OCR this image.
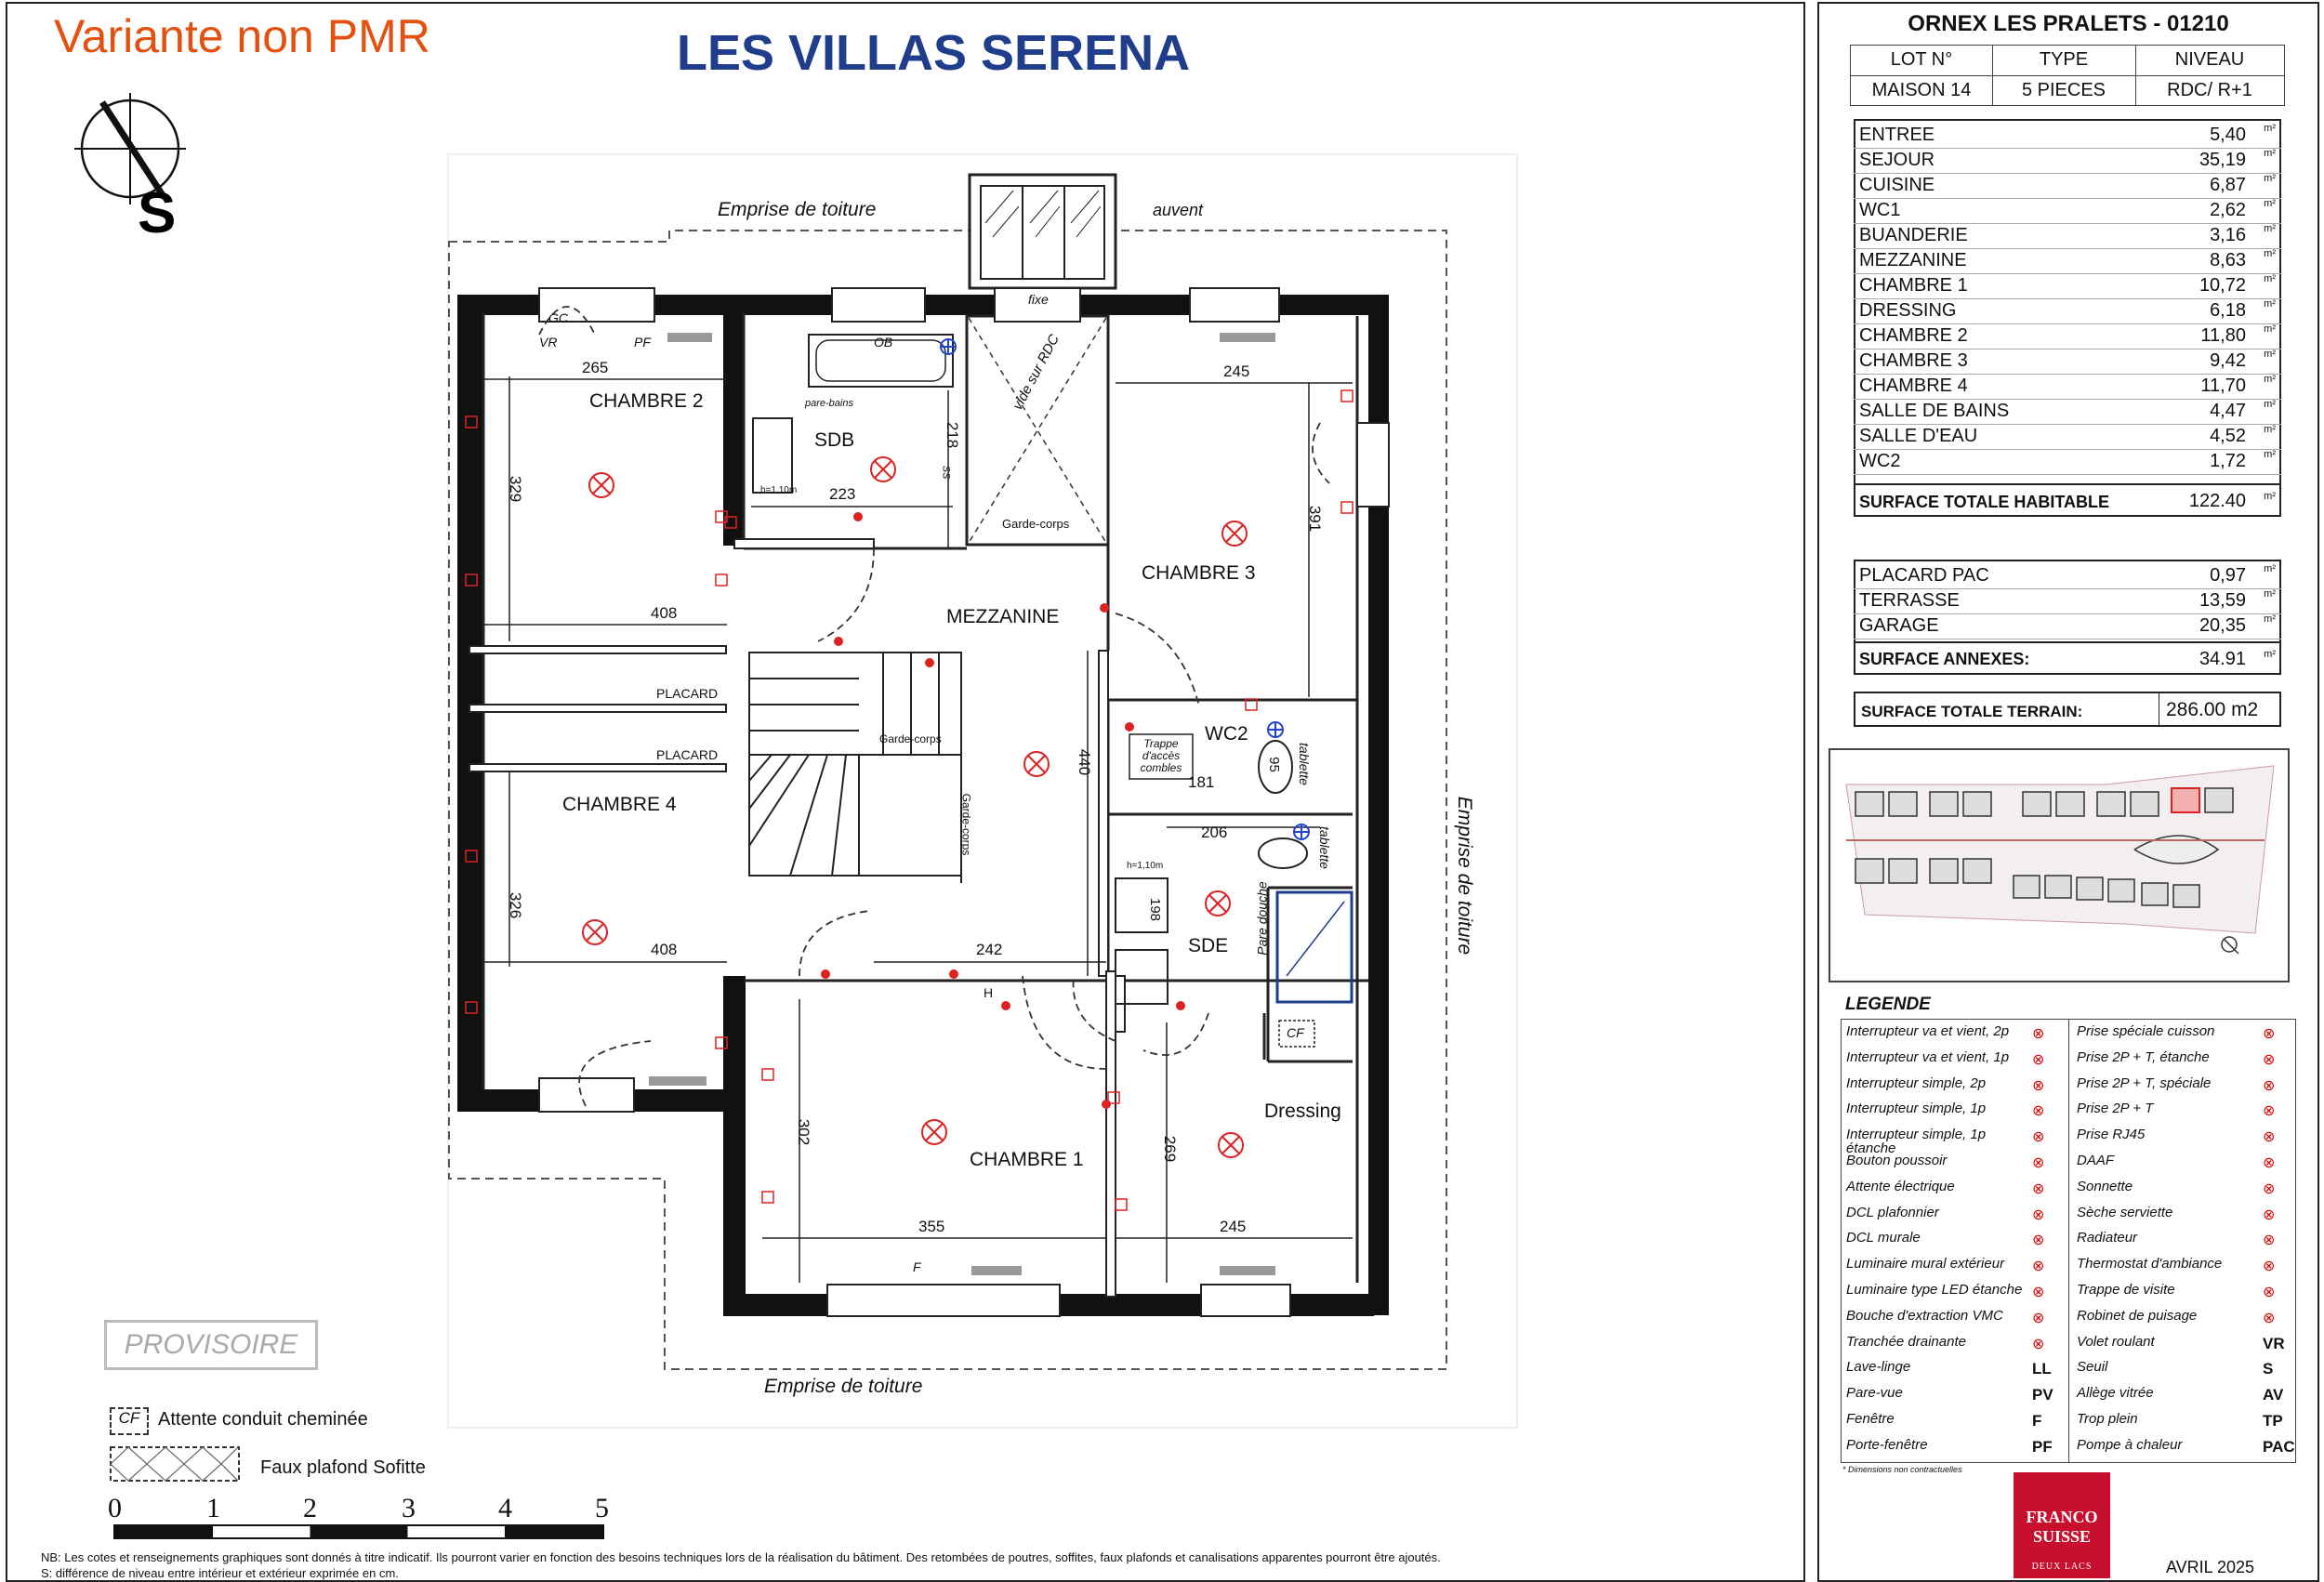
Variante non PMR	LES VILLAS SERENA
S	Emprise de toiture
Emprise de toiture
Emprise de toiture
auvent
fixe
CHAMBRE 2
SDB
CHAMBRE 3
MEZZANINE
WC2
CHAMBRE 4
SDE
Dressing
CHAMBRE 1
PLACARD
PLACARD
Garde-corps
Garde-corps
Garde-corps
vide sur RDC
pare-bains
Pare douche
tablette
tablette
Trappe d'accès combles
h=1,10m
h=1,10m
CF
265
329	223
218
245
391
408
440
181
95
206
326
408	242
198
302
269
355	245
VR	PF
GC
OB
SS
F
H
PROVISOIRE
CF Attente conduit cheminée
Faux plafond Sofitte
0	1	2	3	4	5
NB: Les cotes et renseignements graphiques sont donnés à titre indicatif. Ils pourront varier en fonction des besoins techniques lors de la réalisation du bâtiment. Des retombées de poutres, soffites, faux plafonds et canalisations apparentes pourront être ajoutés.
S: différence de niveau entre intérieur et extérieur exprimée en cm.
ORNEX LES PRALETS - 01210
LOT N°	TYPE	NIVEAU
MAISON 14	5 PIECES	RDC/ R+1
ENTREE	5,40 m²
SEJOUR	35,19 m²
CUISINE	6,87 m²
WC1	2,62 m²
BUANDERIE	3,16 m²
MEZZANINE	8,63 m²
CHAMBRE 1	10,72 m²
DRESSING	6,18 m²
CHAMBRE 2	11,80 m²
CHAMBRE 3	9,42 m²
CHAMBRE 4	11,70 m²
SALLE DE BAINS	4,47 m²
SALLE D'EAU	4,52 m²
WC2	1,72 m²
SURFACE TOTALE HABITABLE	122.40 m²
PLACARD PAC	0,97 m²
TERRASSE	13,59 m²
GARAGE	20,35 m²
SURFACE ANNEXES:	34.91 m²
SURFACE TOTALE TERRAIN:	286.00 m2
LEGENDE
Interrupteur va et vient, 2p	⊗
Interrupteur va et vient, 1p	⊗
Interrupteur simple, 2p	⊗
Interrupteur simple, 1p	⊗
Interrupteur simple, 1p étanche
⊗
Bouton poussoir	⊗
Attente électrique	⊗
DCL plafonnier	⊗
DCL murale	⊗
Luminaire mural extérieur	⊗
Luminaire type LED étanche ⊗
Bouche d'extraction VMC	⊗
Tranchée drainante	⊗
Lave-linge	LL
Pare-vue	PV
Fenêtre	F
Porte-fenêtre	PF
Prise spéciale cuisson	⊗
Prise 2P + T, étanche	⊗
Prise 2P + T, spéciale	⊗
Prise 2P + T	⊗
Prise RJ45	⊗
DAAF	⊗
Sonnette	⊗
Sèche serviette	⊗
Radiateur	⊗
Thermostat d'ambiance	⊗
Trappe de visite	⊗
Robinet de puisage	⊗
Volet roulant	VR
Seuil	S
Allège vitrée	AV
Trop plein	TP
Pompe à chaleur	PAC
* Dimensions non contractuelles
FRANCO
SUISSE
DEUX LACS	AVRIL 2025
